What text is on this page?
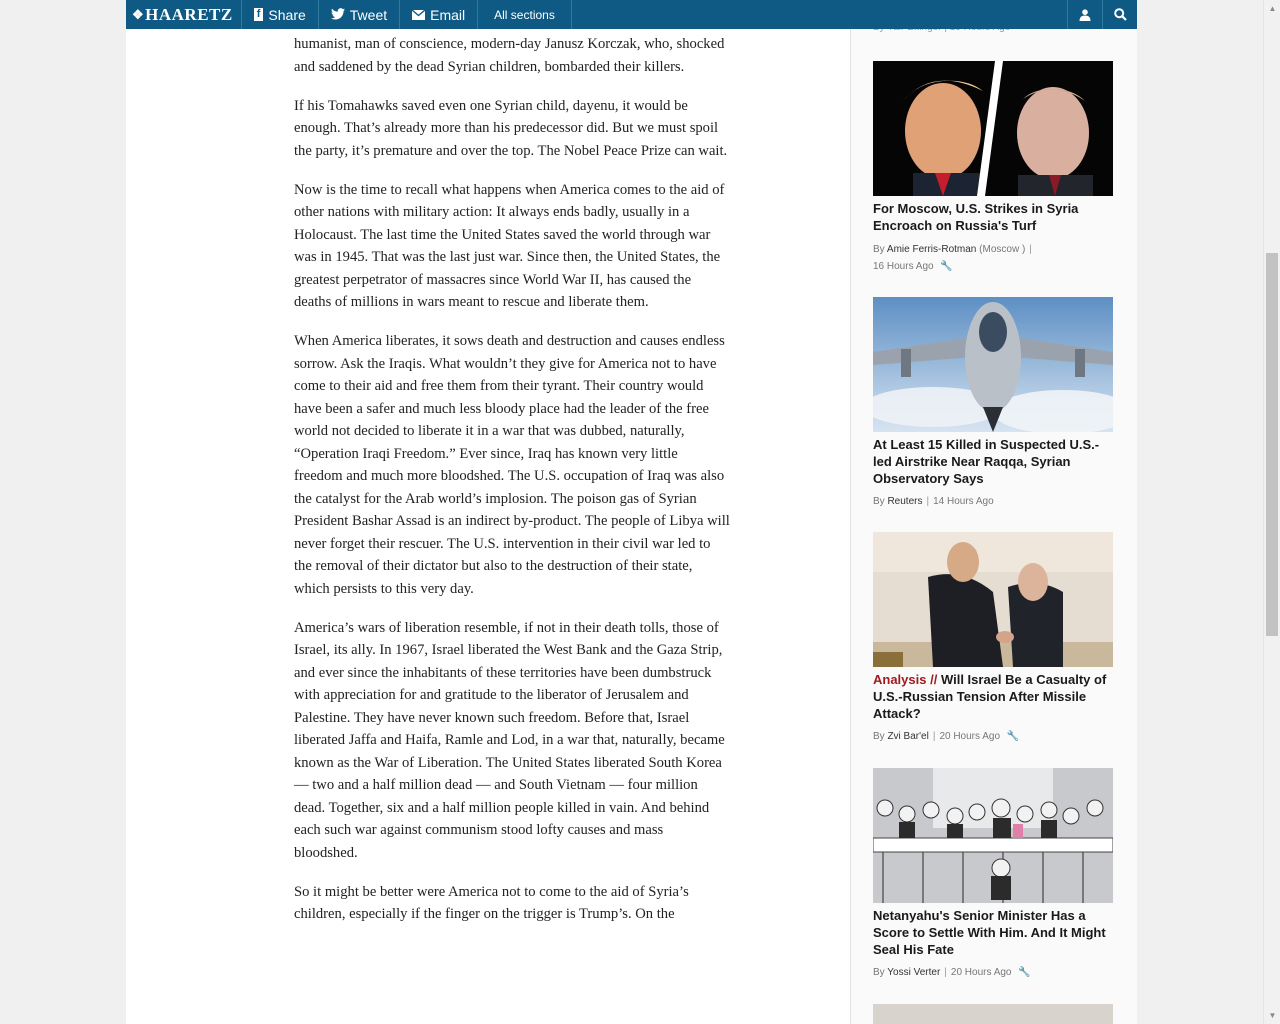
❖ HAARETZ f Share	Tweet	Email	All sections

humanist, man of conscience, modern-day Janusz Korczak, who, shocked and saddened by the dead Syrian children, bombarded their killers.

If his Tomahawks saved even one Syrian child, dayenu, it would be enough. That’s already more than his predecessor did. But we must spoil the party, it’s premature and over the top. The Nobel Peace Prize can wait.

Now is the time to recall what happens when America comes to the aid of other nations with military action: It always ends badly, usually in a Holocaust. The last time the United States saved the world through war was in 1945. That was the last just war. Since then, the United States, the greatest perpetrator of massacres since World War II, has caused the deaths of millions in wars meant to rescue and liberate them.

When America liberates, it sows death and destruction and causes endless sorrow. Ask the Iraqis. What wouldn’t they give for America not to have come to their aid and free them from their tyrant. Their country would have been a safer and much less bloody place had the leader of the free world not decided to liberate it in a war that was dubbed, naturally, “Operation Iraqi Freedom.” Ever since, Iraq has known very little freedom and much more bloodshed. The U.S. occupation of Iraq was also the catalyst for the Arab world’s implosion. The poison gas of Syrian President Bashar Assad is an indirect by-product. The people of Libya will never forget their rescuer. The U.S. intervention in their civil war led to the removal of their dictator but also to the destruction of their state, which persists to this very day.

America’s wars of liberation resemble, if not in their death tolls, those of Israel, its ally. In 1967, Israel liberated the West Bank and the Gaza Strip, and ever since the inhabitants of these territories have been dumbstruck with appreciation for and gratitude to the liberator of Jerusalem and Palestine. They have never known such freedom. Before that, Israel liberated Jaffa and Haifa, Ramle and Lod, in a war that, naturally, became known as the War of Liberation. The United States liberated South Korea — two and a half million dead — and South Vietnam — four million dead. Together, six and a half million people killed in vain. And behind each such war against communism stood lofty causes and mass bloodshed.

So it might be better were America not to come to the aid of Syria’s children, especially if the finger on the trigger is Trump’s. On the

For Moscow, U.S. Strikes in Syria Encroach on Russia's Turf
By Amie Ferris-Rotman (Moscow ) |
16 Hours Ago 🔧
At Least 15 Killed in Suspected U.S.-led Airstrike Near Raqqa, Syrian Observatory Says
By Reuters | 14 Hours Ago
Analysis // Will Israel Be a Casualty of U.S.-Russian Tension After Missile Attack?
By Zvi Bar'el | 20 Hours Ago 🔧
Netanyahu's Senior Minister Has a Score to Settle With Him. And It Might Seal His Fate
By Yossi Verter | 20 Hours Ago 🔧
▲
▼
